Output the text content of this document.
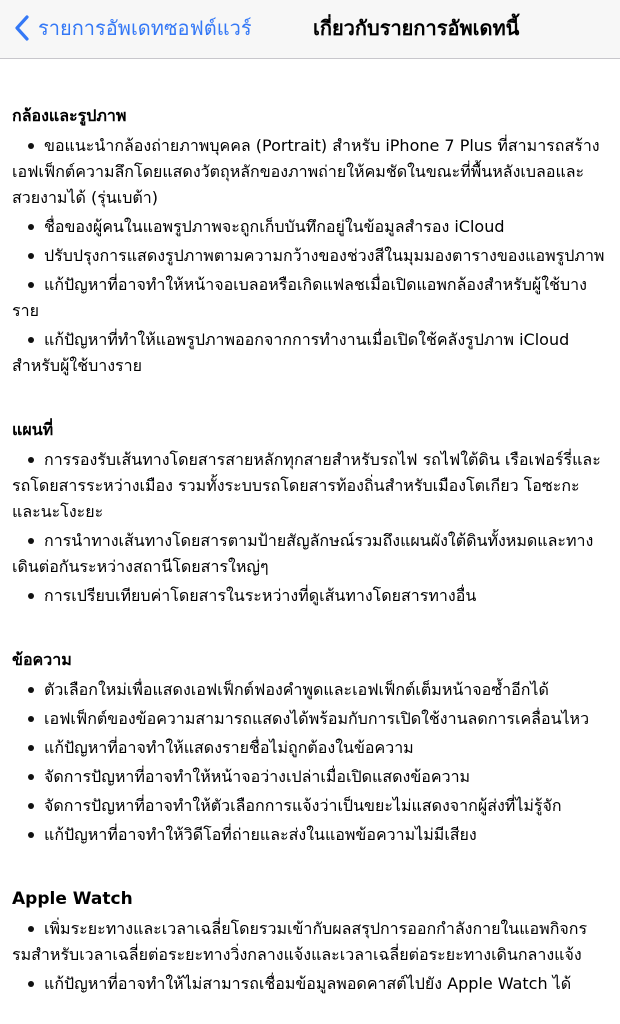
รายการอัพเดทซอฟต์แวร์	เกี่ยวกับรายการอัพเดทนี้
กล้องและรูปภาพ
ขอแนะนำกล้องถ่ายภาพบุคคล (Portrait) สำหรับ iPhone 7 Plus ที่สามารถสร้างเอฟเฟ็กต์ความลึกโดยแสดงวัตถุหลักของภาพถ่ายให้คมชัดในขณะที่พื้นหลังเบลอและสวยงามได้ (รุ่นเบต้า)
ชื่อของผู้คนในแอพรูปภาพจะถูกเก็บบันทึกอยู่ในข้อมูลสำรอง iCloud
ปรับปรุงการแสดงรูปภาพตามความกว้างของช่วงสีในมุมมองตารางของแอพรูปภาพ
แก้ปัญหาที่อาจทำให้หน้าจอเบลอหรือเกิดแฟลชเมื่อเปิดแอพกล้องสำหรับผู้ใช้บางราย
แก้ปัญหาที่ทำให้แอพรูปภาพออกจากการทำงานเมื่อเปิดใช้คลังรูปภาพ iCloud สำหรับผู้ใช้บางราย
แผนที่
การรองรับเส้นทางโดยสารสายหลักทุกสายสำหรับรถไฟ รถไฟใต้ดิน เรือเฟอร์รี่และรถโดยสารระหว่างเมือง รวมทั้งระบบรถโดยสารท้องถิ่นสำหรับเมืองโตเกียว โอซะกะ และนะโงะยะ
การนำทางเส้นทางโดยสารตามป้ายสัญลักษณ์รวมถึงแผนผังใต้ดินทั้งหมดและทางเดินต่อกันระหว่างสถานีโดยสารใหญ่ๆ
การเปรียบเทียบค่าโดยสารในระหว่างที่ดูเส้นทางโดยสารทางอื่น
ข้อความ
ตัวเลือกใหม่เพื่อแสดงเอฟเฟ็กต์ฟองคำพูดและเอฟเฟ็กต์เต็มหน้าจอซ้ำอีกได้
เอฟเฟ็กต์ของข้อความสามารถแสดงได้พร้อมกับการเปิดใช้งานลดการเคลื่อนไหว
แก้ปัญหาที่อาจทำให้แสดงรายชื่อไม่ถูกต้องในข้อความ
จัดการปัญหาที่อาจทำให้หน้าจอว่างเปล่าเมื่อเปิดแสดงข้อความ
จัดการปัญหาที่อาจทำให้ตัวเลือกการแจ้งว่าเป็นขยะไม่แสดงจากผู้ส่งที่ไม่รู้จัก
แก้ปัญหาที่อาจทำให้วิดีโอที่ถ่ายและส่งในแอพข้อความไม่มีเสียง
Apple Watch
เพิ่มระยะทางและเวลาเฉลี่ยโดยรวมเข้ากับผลสรุปการออกกำลังกายในแอพกิจกรรมสำหรับเวลาเฉลี่ยต่อระยะทางวิ่งกลางแจ้งและเวลาเฉลี่ยต่อระยะทางเดินกลางแจ้ง
แก้ปัญหาที่อาจทำให้ไม่สามารถเชื่อมข้อมูลพอดคาสต์ไปยัง Apple Watch ได้
